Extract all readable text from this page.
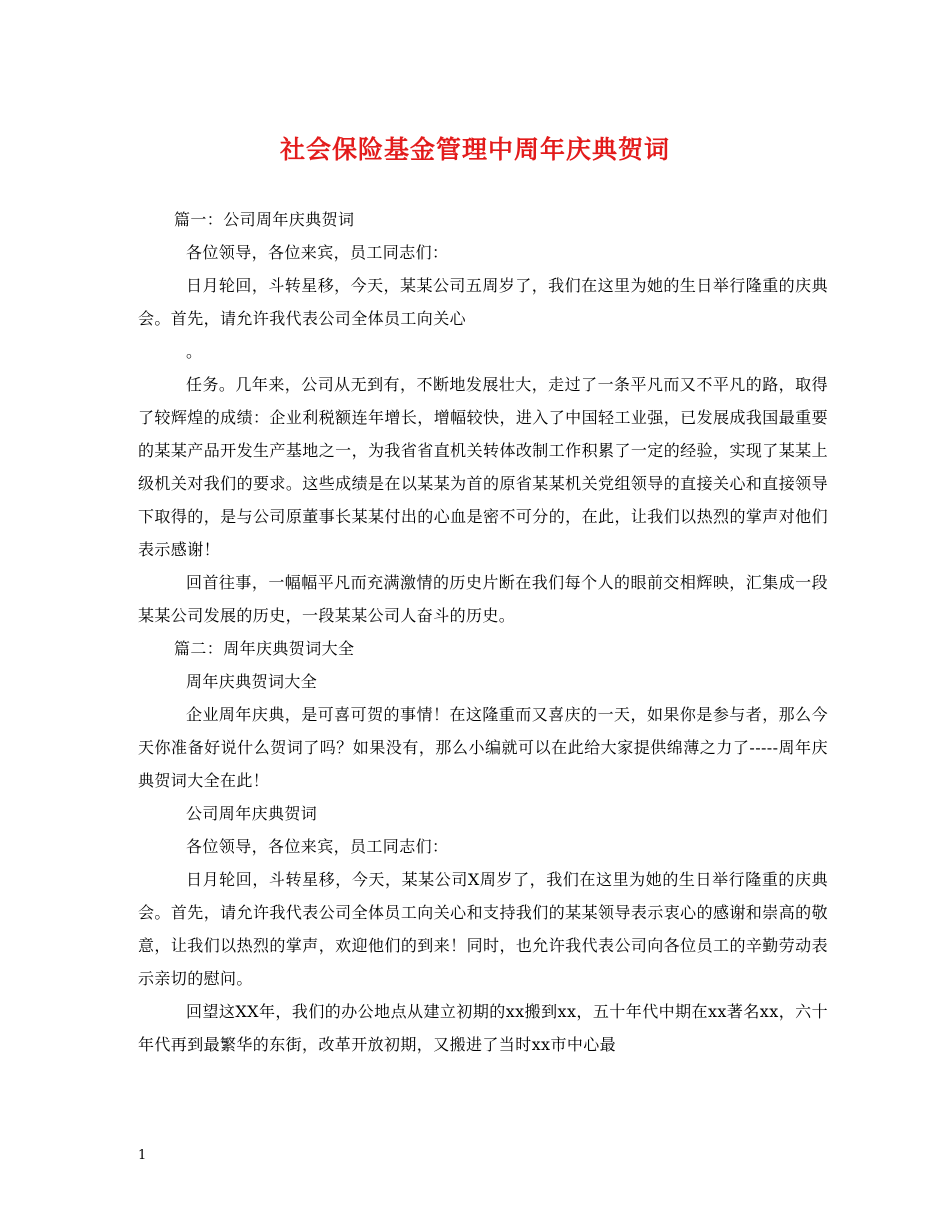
社会保险基金管理中周年庆典贺词

篇一：公司周年庆典贺词

各位领导，各位来宾，员工同志们：

日月轮回，斗转星移，今天，某某公司五周岁了，我们在这里为她的生日举行隆重的庆典会。首先，请允许我代表公司全体员工向关心

。

任务。几年来，公司从无到有，不断地发展壮大，走过了一条平凡而又不平凡的路，取得了较辉煌的成绩：企业利税额连年增长，增幅较快，进入了中国轻工业强，已发展成我国最重要的某某产品开发生产基地之一，为我省省直机关转体改制工作积累了一定的经验，实现了某某上级机关对我们的要求。这些成绩是在以某某为首的原省某某机关党组领导的直接关心和直接领导下取得的，是与公司原董事长某某付出的心血是密不可分的，在此，让我们以热烈的掌声对他们表示感谢！

回首往事，一幅幅平凡而充满激情的历史片断在我们每个人的眼前交相辉映，汇集成一段某某公司发展的历史，一段某某公司人奋斗的历史。

篇二：周年庆典贺词大全

周年庆典贺词大全

企业周年庆典，是可喜可贺的事情！在这隆重而又喜庆的一天，如果你是参与者，那么今天你准备好说什么贺词了吗？如果没有，那么小编就可以在此给大家提供绵薄之力了-----周年庆典贺词大全在此！

公司周年庆典贺词

各位领导，各位来宾，员工同志们：

日月轮回，斗转星移，今天，某某公司X周岁了，我们在这里为她的生日举行隆重的庆典会。首先，请允许我代表公司全体员工向关心和支持我们的某某领导表示衷心的感谢和崇高的敬意，让我们以热烈的掌声，欢迎他们的到来！同时，也允许我代表公司向各位员工的辛勤劳动表示亲切的慰问。

回望这XX年，我们的办公地点从建立初期的xx搬到xx，五十年代中期在xx著名xx，六十年代再到最繁华的东街，改革开放初期，又搬进了当时xx市中心最

1
